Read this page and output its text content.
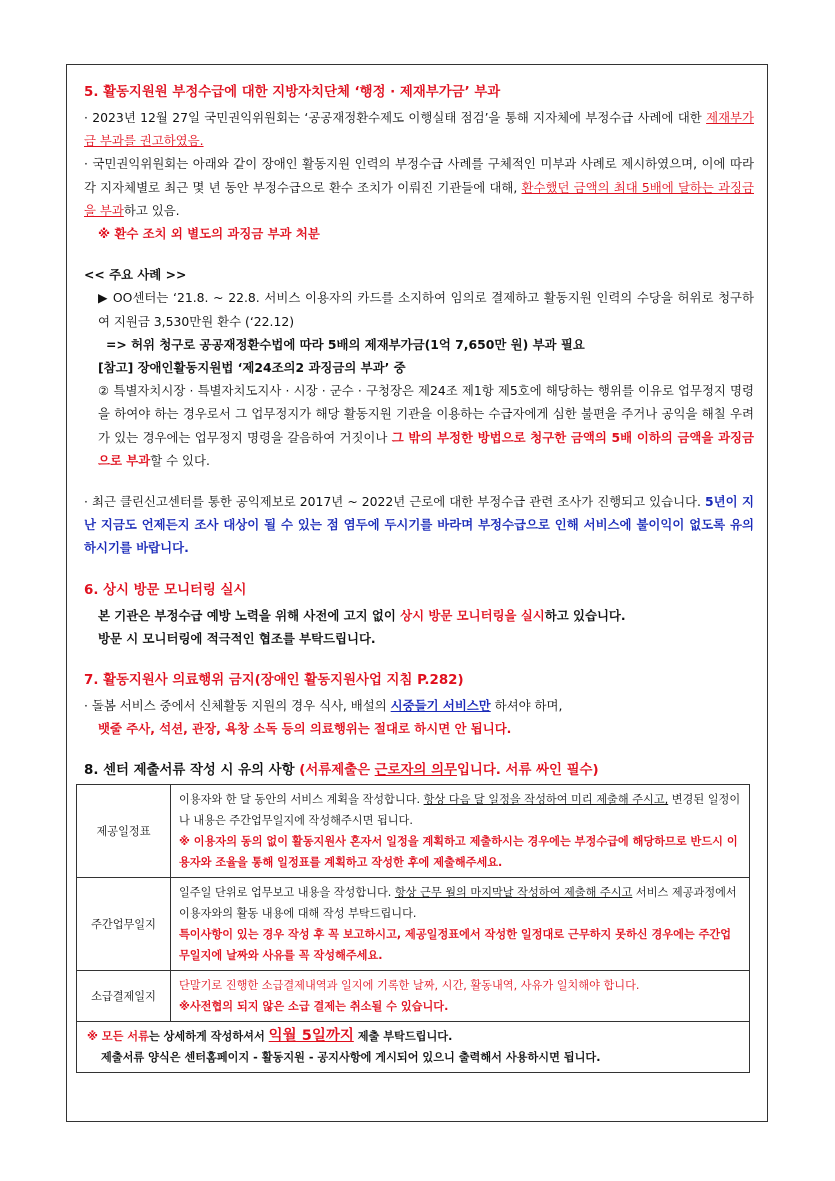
5. 활동지원원 부정수급에 대한 지방자치단체 ‘행정 · 제재부가금’ 부과

· 2023년 12월 27일 국민권익위원회는 ‘공공재정환수제도 이행실태 점검’을 통해 지자체에 부정수급 사례에 대한 제재부가금 부과를 권고하였음.

· 국민권익위원회는 아래와 같이 장애인 활동지원 인력의 부정수급 사례를 구체적인 미부과 사례로 제시하였으며, 이에 따라 각 지자체별로 최근 몇 년 동안 부정수급으로 환수 조치가 이뤄진 기관들에 대해, 환수했던 금액의 최대 5배에 달하는 과징금을 부과하고 있음.

※ 환수 조치 외 별도의 과징금 부과 처분
<< 주요 사례 >>

▶ OO센터는 ‘21.8. ~ 22.8. 서비스 이용자의 카드를 소지하여 임의로 결제하고 활동지원 인력의 수당을 허위로 청구하여 지원금 3,530만원 환수 (‘22.12)

=> 허위 청구로 공공재정환수법에 따라 5배의 제재부가금(1억 7,650만 원) 부과 필요
[참고] 장애인활동지원법 ‘제24조의2 과징금의 부과’ 중

② 특별자치시장 · 특별자치도지사 · 시장 · 군수 · 구청장은 제24조 제1항 제5호에 해당하는 행위를 이유로 업무정지 명령을 하여야 하는 경우로서 그 업무정지가 해당 활동지원 기관을 이용하는 수급자에게 심한 불편을 주거나 공익을 해칠 우려가 있는 경우에는 업무정지 명령을 갈음하여 거짓이나 그 밖의 부정한 방법으로 청구한 금액의 5배 이하의 금액을 과징금으로 부과할 수 있다.

· 최근 클린신고센터를 통한 공익제보로 2017년 ~ 2022년 근로에 대한 부정수급 관련 조사가 진행되고 있습니다. 5년이 지난 지금도 언제든지 조사 대상이 될 수 있는 점 염두에 두시기를 바라며 부정수급으로 인해 서비스에 불이익이 없도록 유의하시기를 바랍니다.

6. 상시 방문 모니터링 실시
본 기관은 부정수급 예방 노력을 위해 사전에 고지 없이 상시 방문 모니터링을 실시하고 있습니다.
방문 시 모니터링에 적극적인 협조를 부탁드립니다.
7. 활동지원사 의료행위 금지(장애인 활동지원사업 지침 P.282)
· 돌봄 서비스 중에서 신체활동 지원의 경우 식사, 배설의 시중들기 서비스만 하셔야 하며,
뱃줄 주사, 석션, 관장, 욕창 소독 등의 의료행위는 절대로 하시면 안 됩니다.
8. 센터 제출서류 작성 시 유의 사항 (서류제출은 근로자의 의무입니다. 서류 싸인 필수)
제공일정표	이용자와 한 달 동안의 서비스 계획을 작성합니다. 항상 다음 달 일정을 작성하여 미리 제출해 주시고, 변경된 일정이나 내용은 주간업무일지에 작성해주시면 됩니다.
※ 이용자의 동의 없이 활동지원사 혼자서 일정을 계획하고 제출하시는 경우에는 부정수급에 해당하므로 반드시 이용자와 조율을 통해 일정표를 계획하고 작성한 후에 제출해주세요.

주간업무일지	일주일 단위로 업무보고 내용을 작성합니다. 항상 근무 월의 마지막날 작성하여 제출해 주시고 서비스 제공과정에서 이용자와의 활동 내용에 대해 작성 부탁드립니다.
특이사항이 있는 경우 작성 후 꼭 보고하시고, 제공일정표에서 작성한 일정대로 근무하지 못하신 경우에는 주간업무일지에 날짜와 사유를 꼭 작성해주세요.

소급결제일지	단말기로 진행한 소급결제내역과 일지에 기록한 날짜, 시간, 활동내역, 사유가 일치해야 합니다.
※사전협의 되지 않은 소급 결제는 취소될 수 있습니다.

※ 모든 서류는 상세하게 작성하셔서 익월 5일까지 제출 부탁드립니다.
제출서류 양식은 센터홈페이지 - 활동지원 - 공지사항에 게시되어 있으니 출력해서 사용하시면 됩니다.	
